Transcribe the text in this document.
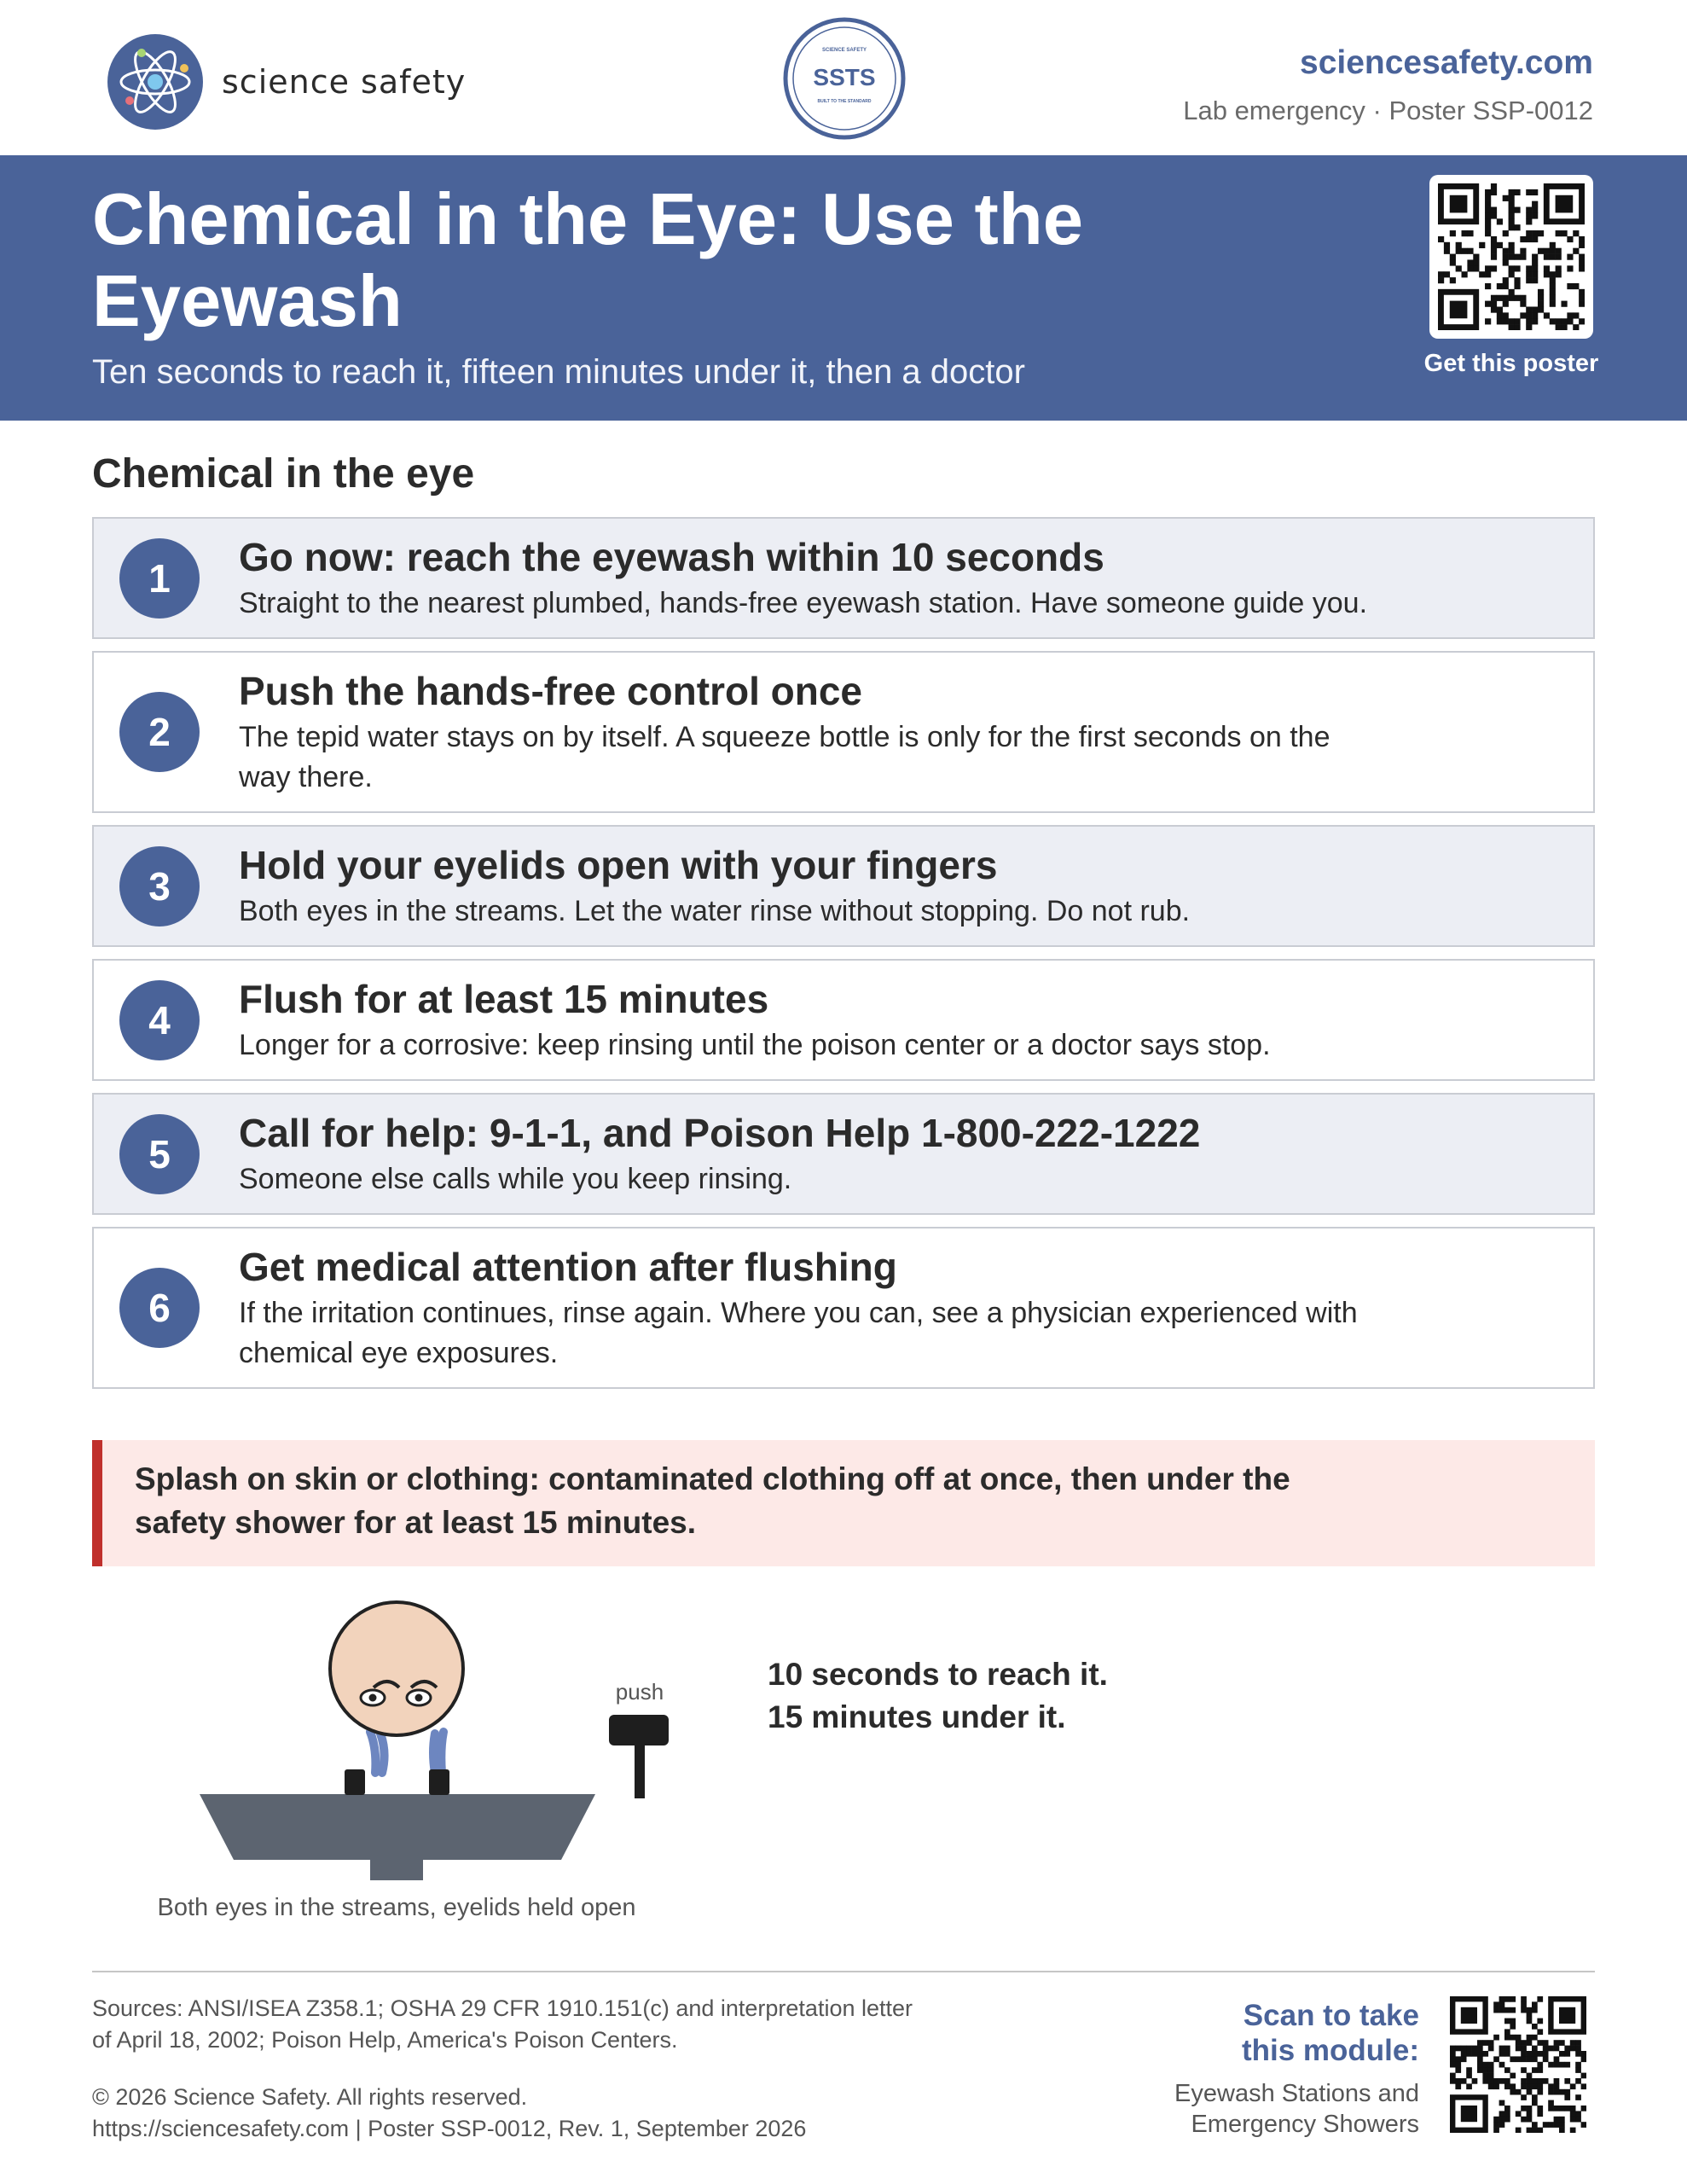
science safety
SCIENCE SAFETY
SSTS
BUILT TO THE STANDARD
sciencesafety.com
Lab emergency · Poster SSP-0012
Chemical in the Eye: Use the Eyewash
Ten seconds to reach it, fifteen minutes under it, then a doctor	Get this poster
Chemical in the eye
1	Go now: reach the eyewash within 10 seconds
Straight to the nearest plumbed, hands-free eyewash station. Have someone guide you.
2
Push the hands-free control once
The tepid water stays on by itself. A squeeze bottle is only for the first seconds on the way there.
3	Hold your eyelids open with your fingers
Both eyes in the streams. Let the water rinse without stopping. Do not rub.
4	Flush for at least 15 minutes
Longer for a corrosive: keep rinsing until the poison center or a doctor says stop.
5	Call for help: 9-1-1, and Poison Help 1-800-222-1222
Someone else calls while you keep rinsing.
6
Get medical attention after flushing
If the irritation continues, rinse again. Where you can, see a physician experienced with chemical eye exposures.
Splash on skin or clothing: contaminated clothing off at once, then under the safety shower for at least 15 minutes.
push
Both eyes in the streams, eyelids held open
10 seconds to reach it.
15 minutes under it.
Sources: ANSI/ISEA Z358.1; OSHA 29 CFR 1910.151(c) and interpretation letter
of April 18, 2002; Poison Help, America's Poison Centers.
© 2026 Science Safety. All rights reserved.
https://sciencesafety.com | Poster SSP-0012, Rev. 1, September 2026
Scan to take this module:
Eyewash Stations and
Emergency Showers
